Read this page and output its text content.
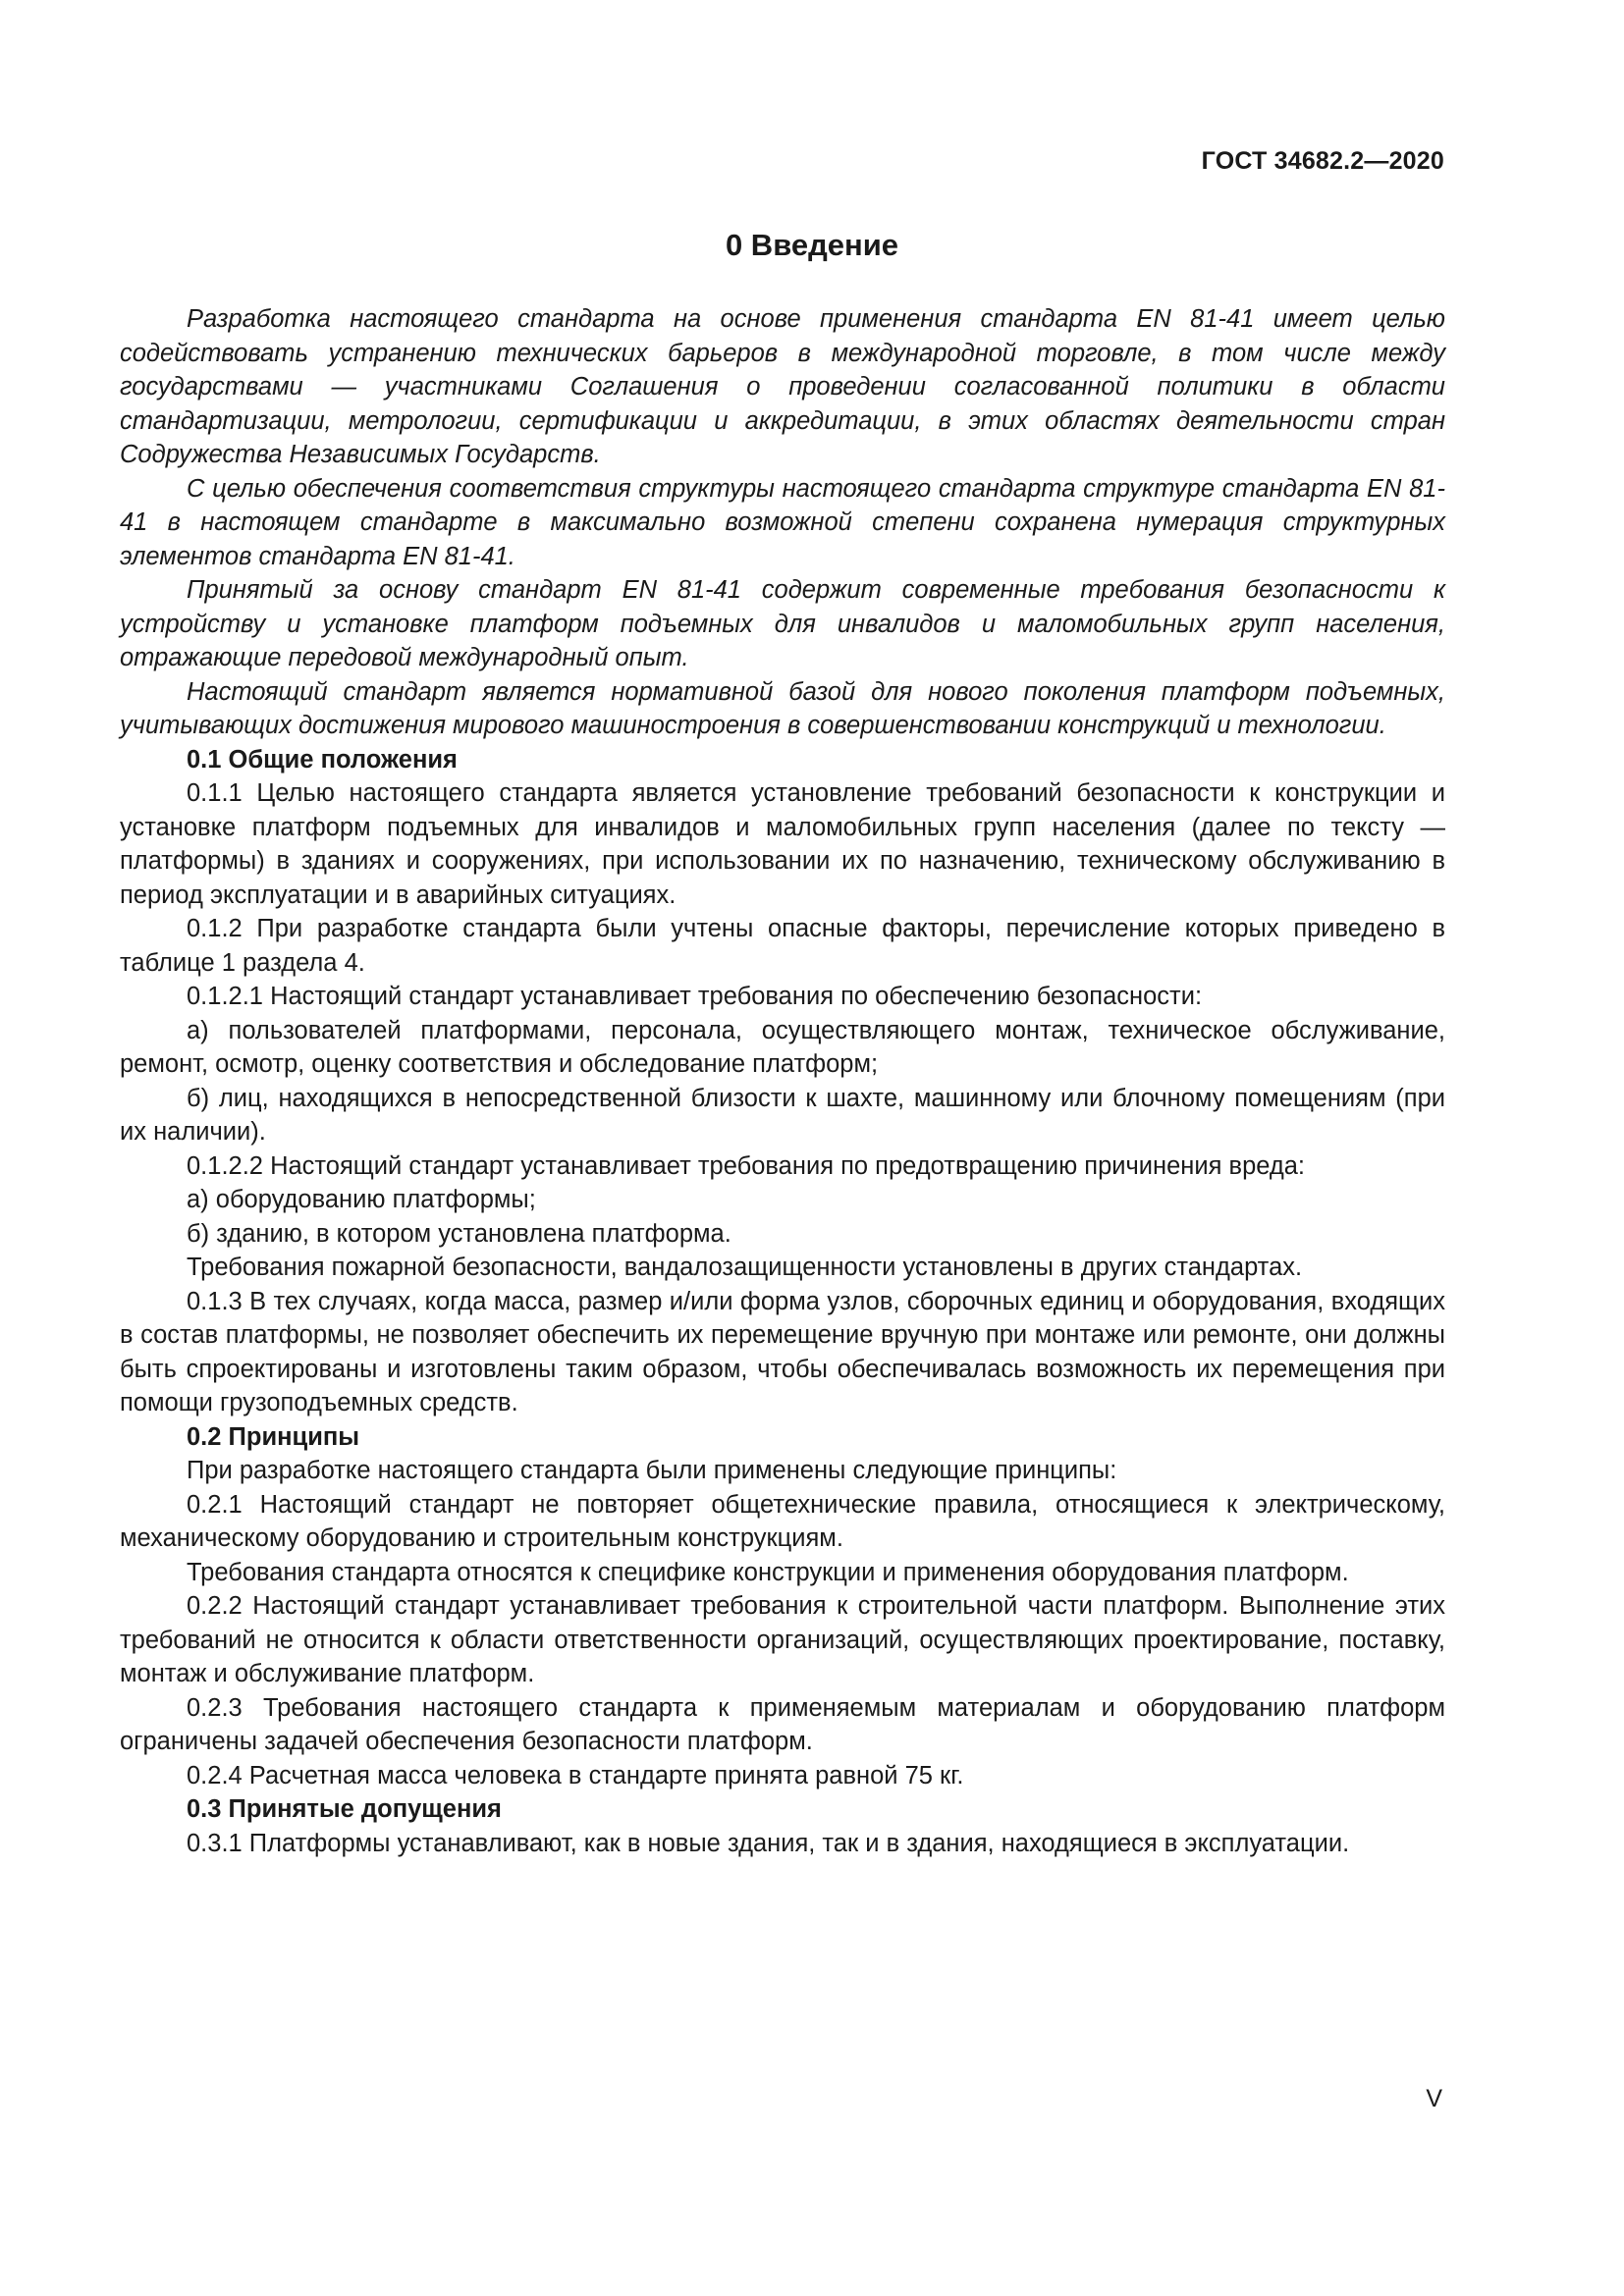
ГОСТ 34682.2—2020
0 Введение

Разработка настоящего стандарта на основе применения стандарта EN 81-41 имеет целью содействовать устранению технических барьеров в международной торговле, в том числе между государствами — участниками Соглашения о проведении согласованной политики в области стандартизации, метрологии, сертификации и аккредитации, в этих областях деятельности стран Содружества Независимых Государств.

С целью обеспечения соответствия структуры настоящего стандарта структуре стандарта EN 81-41 в настоящем стандарте в максимально возможной степени сохранена нумерация структурных элементов стандарта EN 81-41.

Принятый за основу стандарт EN 81-41 содержит современные требования безопасности к устройству и установке платформ подъемных для инвалидов и маломобильных групп населения, отражающие передовой международный опыт.

Настоящий стандарт является нормативной базой для нового поколения платформ подъемных, учитывающих достижения мирового машиностроения в совершенствовании конструкций и технологии.

0.1 Общие положения

0.1.1 Целью настоящего стандарта является установление требований безопасности к конструкции и установке платформ подъемных для инвалидов и маломобильных групп населения (далее по тексту — платформы) в зданиях и сооружениях, при использовании их по назначению, техническому обслуживанию в период эксплуатации и в аварийных ситуациях.

0.1.2 При разработке стандарта были учтены опасные факторы, перечисление которых приведено в таблице 1 раздела 4.

0.1.2.1 Настоящий стандарт устанавливает требования по обеспечению безопасности:

а) пользователей платформами, персонала, осуществляющего монтаж, техническое обслуживание, ремонт, осмотр, оценку соответствия и обследование платформ;

б) лиц, находящихся в непосредственной близости к шахте, машинному или блочному помещениям (при их наличии).

0.1.2.2 Настоящий стандарт устанавливает требования по предотвращению причинения вреда:

а) оборудованию платформы;

б) зданию, в котором установлена платформа.

Требования пожарной безопасности, вандалозащищенности установлены в других стандартах.

0.1.3 В тех случаях, когда масса, размер и/или форма узлов, сборочных единиц и оборудования, входящих в состав платформы, не позволяет обеспечить их перемещение вручную при монтаже или ремонте, они должны быть спроектированы и изготовлены таким образом, чтобы обеспечивалась возможность их перемещения при помощи грузоподъемных средств.

0.2 Принципы

При разработке настоящего стандарта были применены следующие принципы:

0.2.1 Настоящий стандарт не повторяет общетехнические правила, относящиеся к электрическому, механическому оборудованию и строительным конструкциям.

Требования стандарта относятся к специфике конструкции и применения оборудования платформ.

0.2.2 Настоящий стандарт устанавливает требования к строительной части платформ. Выполнение этих требований не относится к области ответственности организаций, осуществляющих проектирование, поставку, монтаж и обслуживание платформ.

0.2.3 Требования настоящего стандарта к применяемым материалам и оборудованию платформ ограничены задачей обеспечения безопасности платформ.

0.2.4 Расчетная масса человека в стандарте принята равной 75 кг.

0.3 Принятые допущения

0.3.1 Платформы устанавливают, как в новые здания, так и в здания, находящиеся в эксплуатации.

V
